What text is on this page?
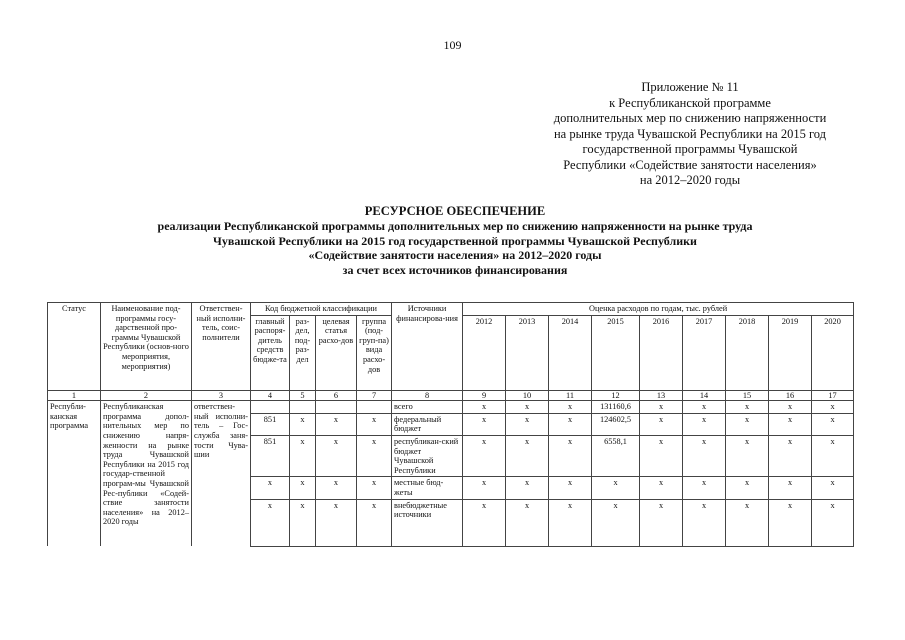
109
Приложение № 11
к Республиканской программе
дополнительных мер по снижению напряженности
на рынке труда Чувашской Республики на 2015 год
государственной программы Чувашской
Республики «Содействие занятости населения»
на 2012–2020 годы
РЕСУРСНОЕ ОБЕСПЕЧЕНИЕ
реализации Республиканской программы дополнительных мер по снижению напряженности на рынке труда
Чувашской Республики на 2015 год государственной программы Чувашской Республики
«Содействие занятости населения» на 2012–2020 годы
за счет всех источников финансирования
Статус	Наименование под-программы госу-дарственной про-граммы Чувашской Республики (основ-ного мероприятия, мероприятия)	Ответствен-ный исполни-тель, соис-полнители	Код бюджетной классификации				Источники финансирова-ния	Оценка расходов по годам, тыс. рублей								
			главный распоря-дитель средств бюдже-та	раз-дел, под-раз-дел	целевая статья расхо-дов	группа (под-груп-па) вида расхо-дов		2012	2013	2014	2015	2016	2017	2018	2019	2020
1	2	3	4	5	6	7	8	9	10	11	12	13	14	15	16	17
Республи-канская программа	Республиканская программа допол-нительных мер по снижению напря-женности на рынке труда Чувашской Республики на 2015 год государ-ственной програм-мы Чувашской Рес-публики «Содей-ствие занятости населения» на 2012–2020 годы	ответствен-ный исполни-тель – Гос-служба заня-тости Чува-шии					всего	x	x	x	131160,6	x	x	x	x	x
			851	x	x	x	федеральный бюджет	x	x	x	124602,5	x	x	x	x	x
			851	x	x	x	республикан-ский бюджет Чувашской Республики	x	x	x	6558,1	x	x	x	x	x
			x	x	x	x	местные бюд-жеты	x	x	x	x	x	x	x	x	x
			x	x	x	x	внебюджетные источники	x	x	x	x	x	x	x	x	x
